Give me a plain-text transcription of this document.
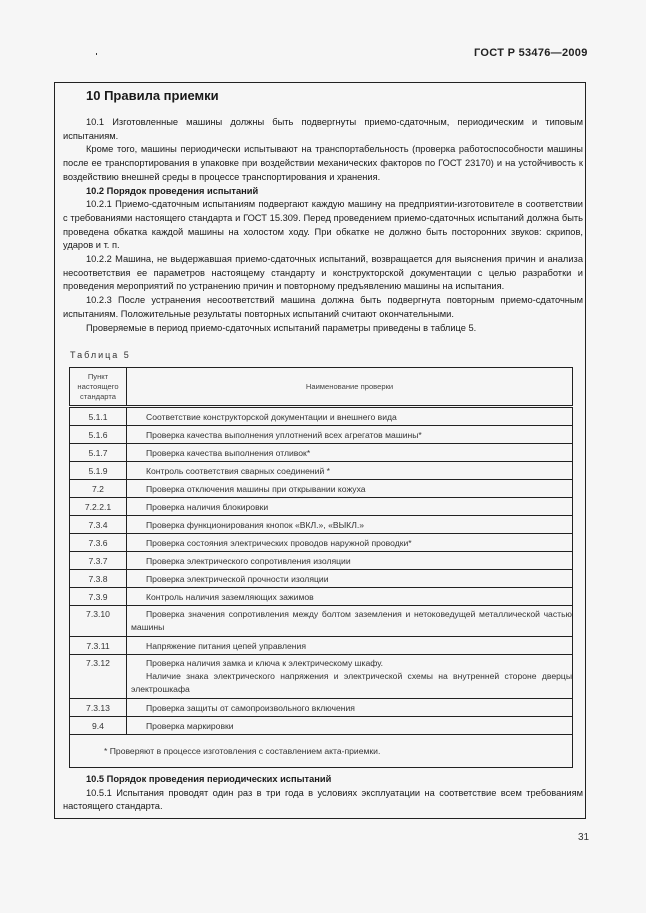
ГОСТ Р 53476—2009
10 Правила приемки

10.1 Изготовленные машины должны быть подвергнуты приемо-сдаточным, периодическим и типовым испытаниям.

Кроме того, машины периодически испытывают на транспортабельность (проверка работоспособности машины после ее транспортирования в упаковке при воздействии механических факторов по ГОСТ 23170) и на устойчивость к воздействию внешней среды в процессе транспортирования и хранения.

10.2 Порядок проведения испытаний

10.2.1 Приемо-сдаточным испытаниям подвергают каждую машину на предприятии-изготовителе в соответствии с требованиями настоящего стандарта и ГОСТ 15.309. Перед проведением приемо-сдаточных испытаний должна быть проведена обкатка каждой машины на холостом ходу. При обкатке не должно быть посторонних звуков: скрипов, ударов и т. п.

10.2.2 Машина, не выдержавшая приемо-сдаточных испытаний, возвращается для выяснения причин и анализа несоответствия ее параметров настоящему стандарту и конструкторской документации с целью разработки и проведения мероприятий по устранению причин и повторному предъявлению машины на испытания.

10.2.3 После устранения несоответствий машина должна быть подвергнута повторным приемо-сдаточным испытаниям. Положительные результаты повторных испытаний считают окончательными.

Проверяемые в период приемо-сдаточных испытаний параметры приведены в таблице 5.

Таблица 5
Пункт настоящего стандарта	Наименование проверки
5.1.1	Соответствие конструкторской документации и внешнего вида
5.1.6	Проверка качества выполнения уплотнений всех агрегатов машины*
5.1.7	Проверка качества выполнения отливок*
5.1.9	Контроль соответствия сварных соединений *
7.2	Проверка отключения машины при открывании кожуха
7.2.2.1	Проверка наличия блокировки
7.3.4	Проверка функционирования кнопок «ВКЛ.», «ВЫКЛ.»
7.3.6	Проверка состояния электрических проводов наружной проводки*
7.3.7	Проверка электрического сопротивления изоляции
7.3.8	Проверка электрической прочности изоляции
7.3.9	Контроль наличия заземляющих зажимов
7.3.10	Проверка значения сопротивления между болтом заземления и нетоковедущей металлической частью машины

7.3.11	Напряжение питания цепей управления
7.3.12	Проверка наличия замка и ключа к электрическому шкафу.
Наличие знака электрического напряжения и электрической схемы на внутренней стороне дверцы электрошкафа

7.3.13	Проверка защиты от самопроизвольного включения
9.4	Проверка маркировки
* Проверяют в процессе изготовления с составлением акта-приемки.	

10.5 Порядок проведения периодических испытаний

10.5.1 Испытания проводят один раз в три года в условиях эксплуатации на соответствие всем требованиям настоящего стандарта.

31
